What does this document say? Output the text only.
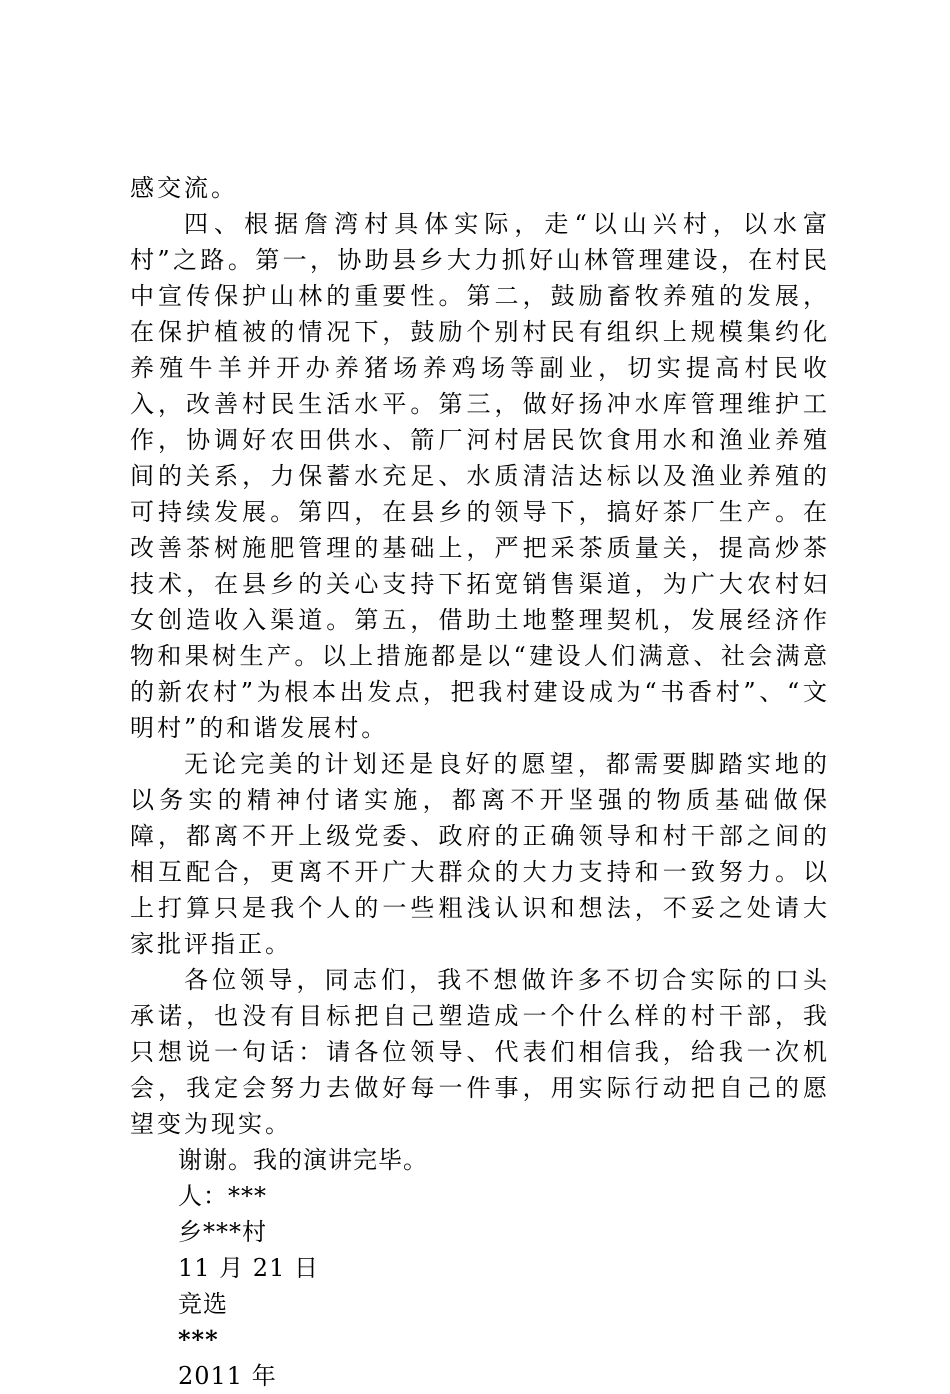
感交流。

四、根据詹湾村具体实际，走“以山兴村，以水富村”之路。第一，协助县乡大力抓好山林管理建设，在村民中宣传保护山林的重要性。第二，鼓励畜牧养殖的发展，在保护植被的情况下，鼓励个别村民有组织上规模集约化养殖牛羊并开办养猪场养鸡场等副业，切实提高村民收入，改善村民生活水平。第三，做好扬冲水库管理维护工作，协调好农田供水、箭厂河村居民饮食用水和渔业养殖间的关系，力保蓄水充足、水质清洁达标以及渔业养殖的可持续发展。第四，在县乡的领导下，搞好茶厂生产。在改善茶树施肥管理的基础上，严把采茶质量关，提高炒茶技术，在县乡的关心支持下拓宽销售渠道，为广大农村妇女创造收入渠道。第五，借助土地整理契机，发展经济作物和果树生产。以上措施都是以“建设人们满意、社会满意的新农村”为根本出发点，把我村建设成为“书香村”、“文明村”的和谐发展村。

无论完美的计划还是良好的愿望，都需要脚踏实地的以务实的精神付诸实施，都离不开坚强的物质基础做保障，都离不开上级党委、政府的正确领导和村干部之间的相互配合，更离不开广大群众的大力支持和一致努力。以上打算只是我个人的一些粗浅认识和想法，不妥之处请大家批评指正。

各位领导，同志们，我不想做许多不切合实际的口头承诺，也没有目标把自己塑造成一个什么样的村干部，我只想说一句话：请各位领导、代表们相信我，给我一次机会，我定会努力去做好每一件事，用实际行动把自己的愿望变为现实。

谢谢。我的演讲完毕。

人：***

乡***村

11 月 21 日

竞选

***

2011 年
